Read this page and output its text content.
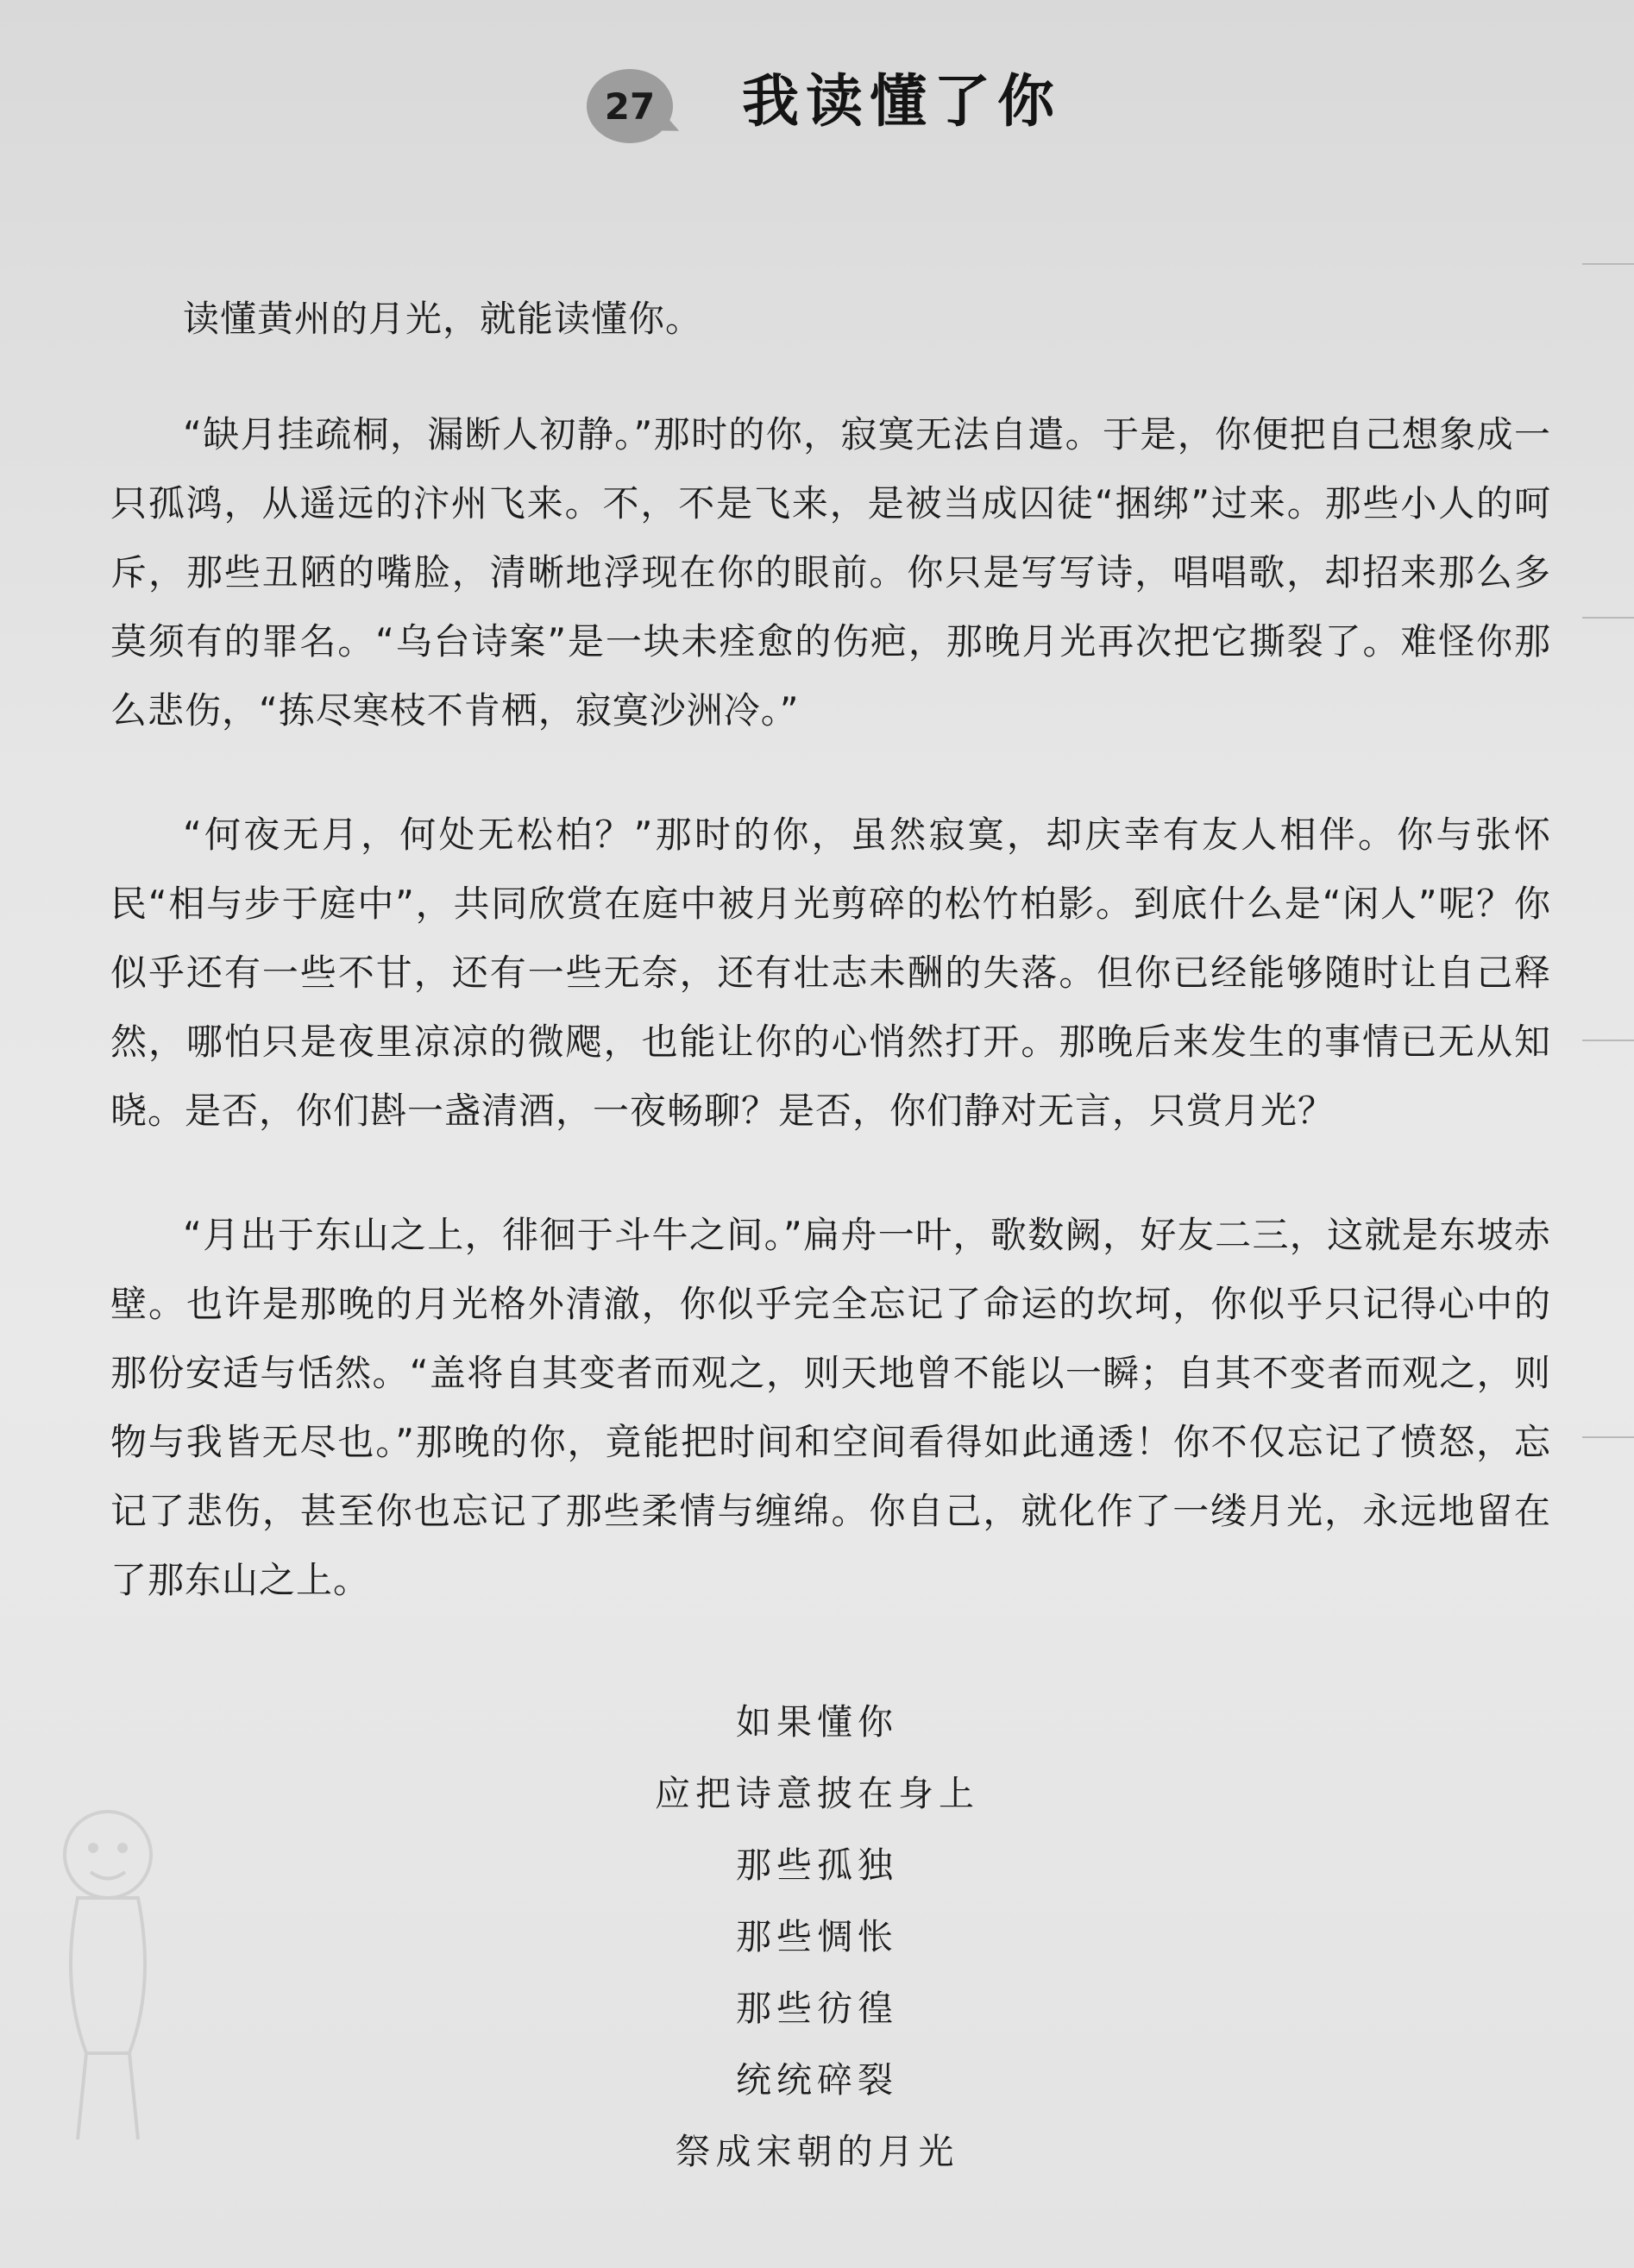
27 我读懂了你

读懂黄州的月光，就能读懂你。

“缺月挂疏桐，漏断人初静。”那时的你，寂寞无法自遣。于是，你便把自己想象成一只孤鸿，从遥远的汴州飞来。不，不是飞来，是被当成囚徒“捆绑”过来。那些小人的呵斥，那些丑陋的嘴脸，清晰地浮现在你的眼前。你只是写写诗，唱唱歌，却招来那么多莫须有的罪名。“乌台诗案”是一块未痊愈的伤疤，那晚月光再次把它撕裂了。难怪你那么悲伤，“拣尽寒枝不肯栖，寂寞沙洲冷。”

“何夜无月，何处无松柏？”那时的你，虽然寂寞，却庆幸有友人相伴。你与张怀民“相与步于庭中”，共同欣赏在庭中被月光剪碎的松竹柏影。到底什么是“闲人”呢？你似乎还有一些不甘，还有一些无奈，还有壮志未酬的失落。但你已经能够随时让自己释然，哪怕只是夜里凉凉的微飔，也能让你的心悄然打开。那晚后来发生的事情已无从知晓。是否，你们斟一盏清酒，一夜畅聊？是否，你们静对无言，只赏月光？

“月出于东山之上，徘徊于斗牛之间。”扁舟一叶，歌数阙，好友二三，这就是东坡赤壁。也许是那晚的月光格外清澈，你似乎完全忘记了命运的坎坷，你似乎只记得心中的那份安适与恬然。“盖将自其变者而观之，则天地曾不能以一瞬；自其不变者而观之，则物与我皆无尽也。”那晚的你，竟能把时间和空间看得如此通透！你不仅忘记了愤怒，忘记了悲伤，甚至你也忘记了那些柔情与缠绵。你自己，就化作了一缕月光，永远地留在了那东山之上。

如果懂你
应把诗意披在身上
那些孤独
那些惆怅
那些彷徨
统统碎裂
祭成宋朝的月光
